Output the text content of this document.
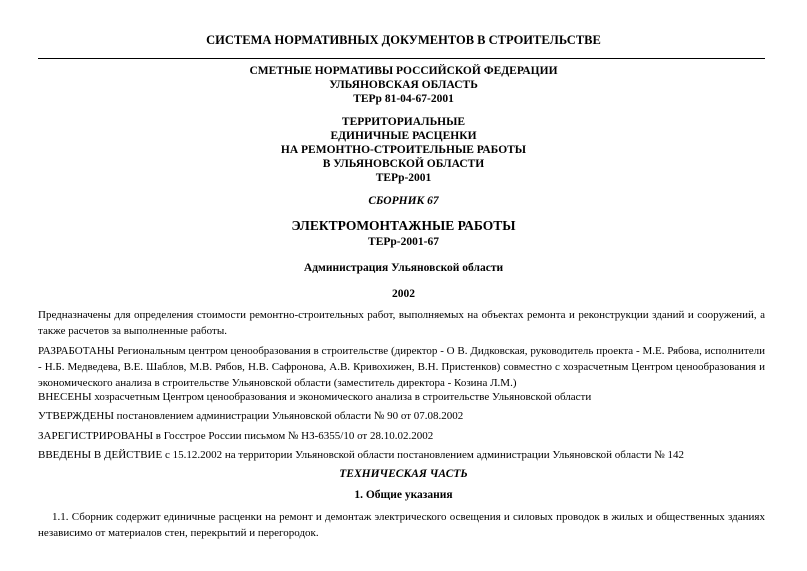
СИСТЕМА НОРМАТИВНЫХ ДОКУМЕНТОВ В СТРОИТЕЛЬСТВЕ
СМЕТНЫЕ НОРМАТИВЫ РОССИЙСКОЙ ФЕДЕРАЦИИ
УЛЬЯНОВСКАЯ ОБЛАСТЬ
ТЕРр 81-04-67-2001
ТЕРРИТОРИАЛЬНЫЕ
ЕДИНИЧНЫЕ РАСЦЕНКИ
НА РЕМОНТНО-СТРОИТЕЛЬНЫЕ РАБОТЫ
В УЛЬЯНОВСКОЙ ОБЛАСТИ
ТЕРр-2001
СБОРНИК 67
ЭЛЕКТРОМОНТАЖНЫЕ РАБОТЫ
ТЕРр-2001-67
Администрация Ульяновской области
2002
Предназначены для определения стоимости ремонтно-строительных работ, выполняемых на объектах ремонта и реконструкции зданий и сооружений, а также расчетов за выполненные работы.
РАЗРАБОТАНЫ Региональным центром ценообразования в строительстве (директор - О В. Дидковская, руководитель проекта - М.Е. Рябова, исполнители - Н.Б. Медведева, В.Е. Шаблов, М.В. Рябов, Н.В. Сафронова, А.В. Кривохижен, В.Н. Пристенков) совместно с хозрасчетным Центром ценообразования и экономического анализа в строительстве Ульяновской области (заместитель директора - Козина Л.М.)
ВНЕСЕНЫ хозрасчетным Центром ценообразования и экономического анализа в строительстве Ульяновской области
УТВЕРЖДЕНЫ постановлением администрации Ульяновской области № 90 от 07.08.2002
ЗАРЕГИСТРИРОВАНЫ в Госстрое России письмом № НЗ-6355/10 от 28.10.02.2002
ВВЕДЕНЫ В ДЕЙСТВИЕ с 15.12.2002 на территории Ульяновской области постановлением администрации Ульяновской области № 142
ТЕХНИЧЕСКАЯ ЧАСТЬ
1. Общие указания
1.1. Сборник содержит единичные расценки на ремонт и демонтаж электрического освещения и силовых проводок в жилых и общественных зданиях независимо от материалов стен, перекрытий и перегородок.
